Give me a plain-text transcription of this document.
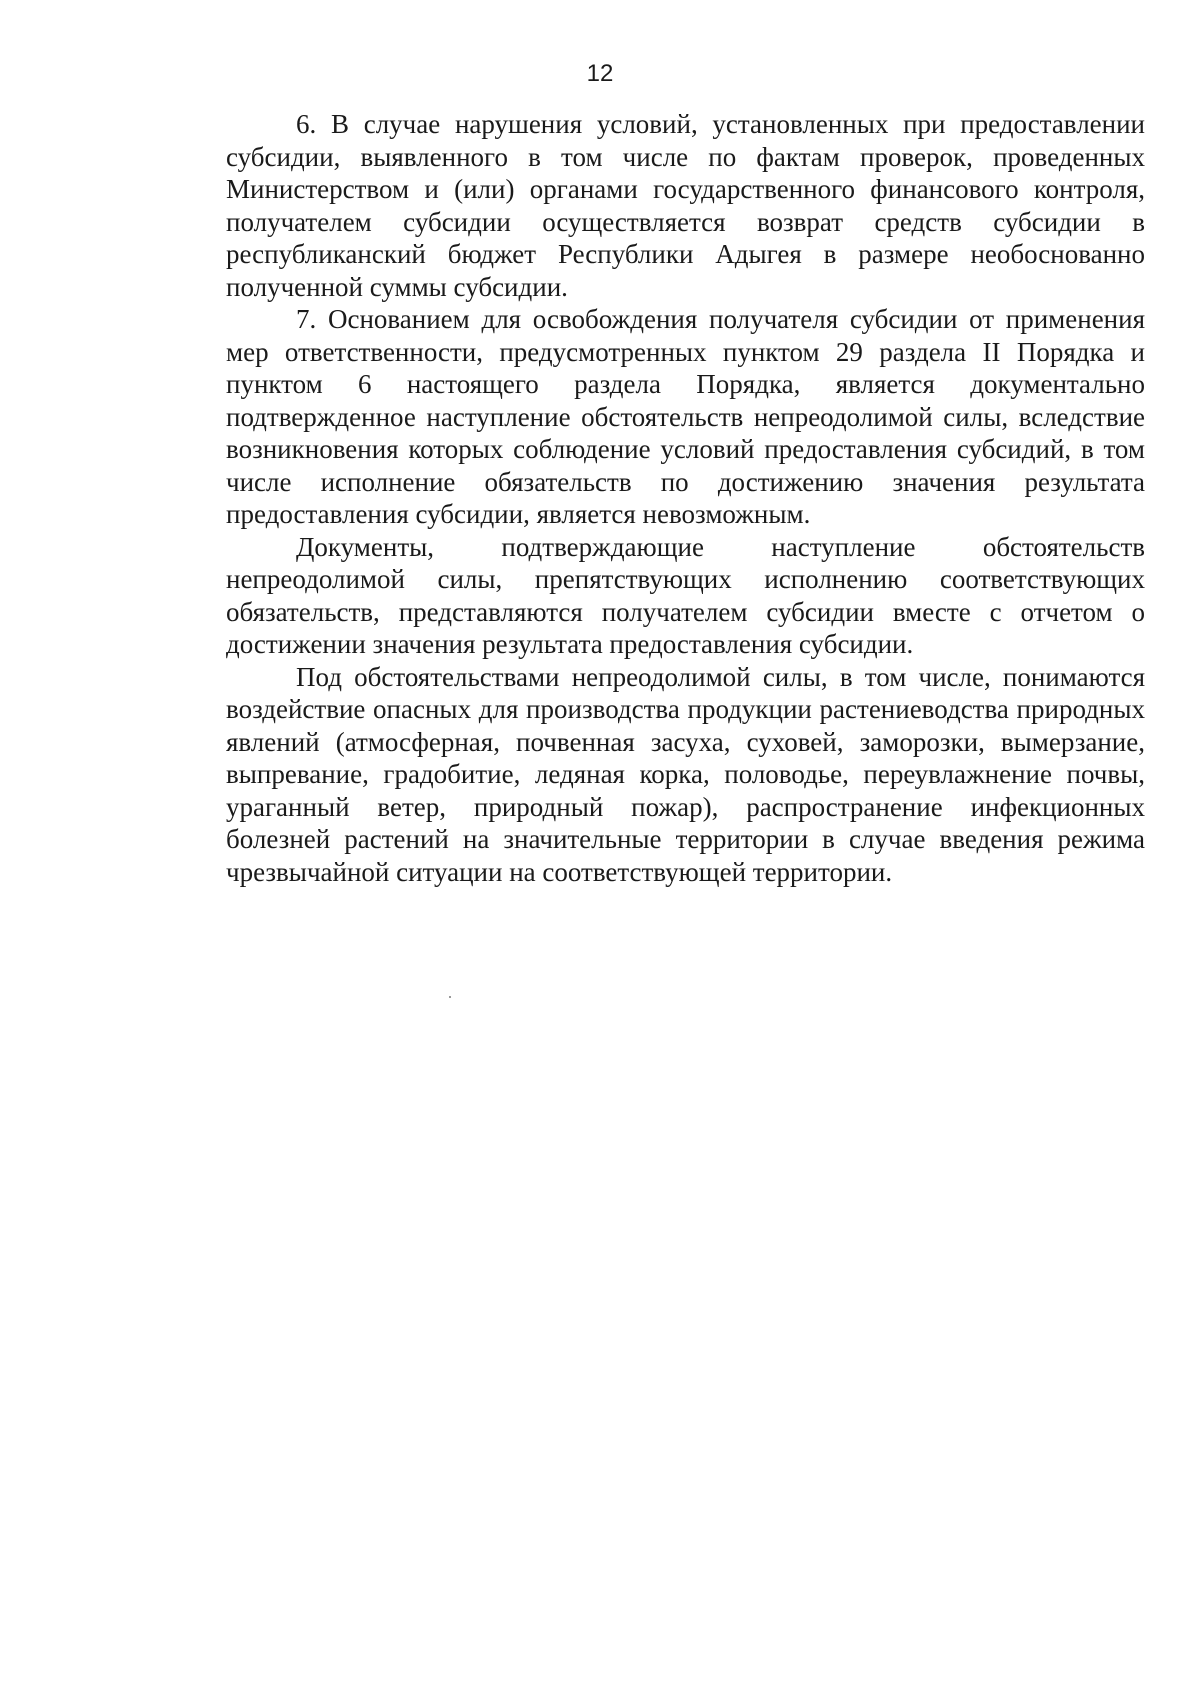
12

6. В случае нарушения условий, установленных при предоставлении субсидии, выявленного в том числе по фактам проверок, проведенных Министерством и (или) органами государственного финансового контроля, получателем субсидии осуществляется возврат средств субсидии в республиканский бюджет Республики Адыгея в размере необоснованно полученной суммы субсидии.

7. Основанием для освобождения получателя субсидии от применения мер ответственности, предусмотренных пунктом 29 раздела II Порядка и пунктом 6 настоящего раздела Порядка, является документально подтвержденное наступление обстоятельств непреодолимой силы, вследствие возникновения которых соблюдение условий предоставления субсидий, в том числе исполнение обязательств по достижению значения результата предоставления субсидии, является невозможным.

Документы, подтверждающие наступление обстоятельств непреодолимой силы, препятствующих исполнению соответствующих обязательств, представляются получателем субсидии вместе с отчетом о достижении значения результата предоставления субсидии.

Под обстоятельствами непреодолимой силы, в том числе, понимаются воздействие опасных для производства продукции растениеводства природных явлений (атмосферная, почвенная засуха, суховей, заморозки, вымерзание, выпревание, градобитие, ледяная корка, половодье, переувлажнение почвы, ураганный ветер, природный пожар), распространение инфекционных болезней растений на значительные территории в случае введения режима чрезвычайной ситуации на соответствующей территории.
